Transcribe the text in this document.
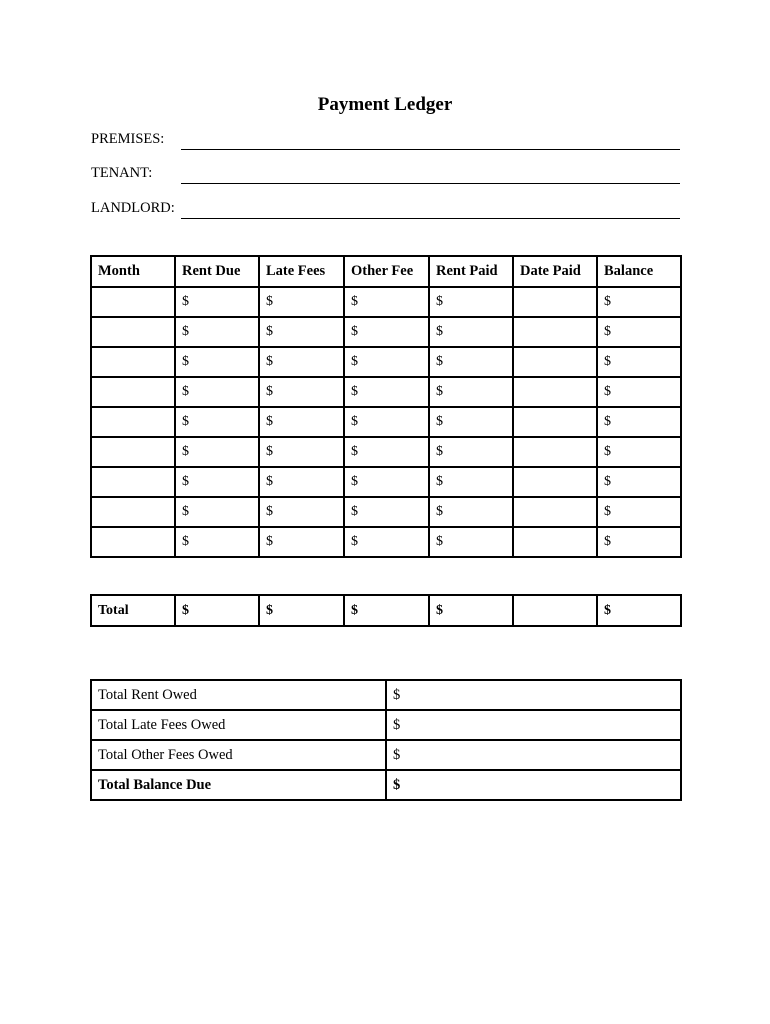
Payment Ledger
PREMISES:
TENANT:
LANDLORD:
Month	Rent Due	Late Fees	Other Fee	Rent Paid	Date Paid	Balance
	$	$	$	$		$
	$	$	$	$		$
	$	$	$	$		$
	$	$	$	$		$
	$	$	$	$		$
	$	$	$	$		$
	$	$	$	$		$
	$	$	$	$		$
	$	$	$	$		$
Total	$	$	$	$		$
Total Rent Owed	$
Total Late Fees Owed	$
Total Other Fees Owed	$
Total Balance Due	$
